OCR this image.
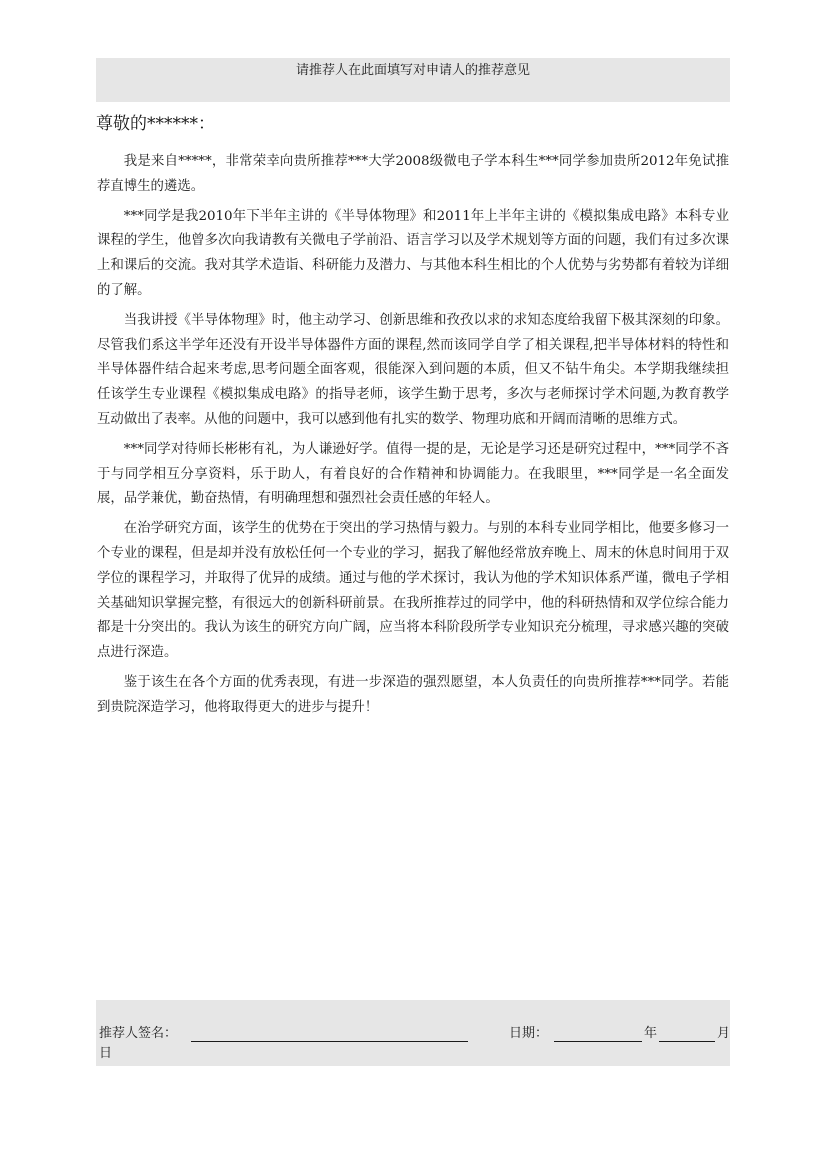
请推荐人在此面填写对申请人的推荐意见
尊敬的******：

我是来自*****，非常荣幸向贵所推荐***大学2008级微电子学本科生***同学参加贵所2012年免试推荐直博生的遴选。

***同学是我2010年下半年主讲的《半导体物理》和2011年上半年主讲的《模拟集成电路》本科专业课程的学生，他曾多次向我请教有关微电子学前沿、语言学习以及学术规划等方面的问题，我们有过多次课上和课后的交流。我对其学术造诣、科研能力及潜力、与其他本科生相比的个人优势与劣势都有着较为详细的了解。

当我讲授《半导体物理》时，他主动学习、创新思维和孜孜以求的求知态度给我留下极其深刻的印象。尽管我们系这半学年还没有开设半导体器件方面的课程,然而该同学自学了相关课程,把半导体材料的特性和半导体器件结合起来考虑,思考问题全面客观，很能深入到问题的本质，但又不钻牛角尖。本学期我继续担任该学生专业课程《模拟集成电路》的指导老师，该学生勤于思考，多次与老师探讨学术问题,为教育教学互动做出了表率。从他的问题中，我可以感到他有扎实的数学、物理功底和开阔而清晰的思维方式。

***同学对待师长彬彬有礼，为人谦逊好学。值得一提的是，无论是学习还是研究过程中，***同学不吝于与同学相互分享资料，乐于助人，有着良好的合作精神和协调能力。在我眼里，***同学是一名全面发展，品学兼优，勤奋热情，有明确理想和强烈社会责任感的年轻人。

在治学研究方面，该学生的优势在于突出的学习热情与毅力。与别的本科专业同学相比，他要多修习一个专业的课程，但是却并没有放松任何一个专业的学习，据我了解他经常放弃晚上、周末的休息时间用于双学位的课程学习，并取得了优异的成绩。通过与他的学术探讨，我认为他的学术知识体系严谨，微电子学相关基础知识掌握完整，有很远大的创新科研前景。在我所推荐过的同学中，他的科研热情和双学位综合能力都是十分突出的。我认为该生的研究方向广阔，应当将本科阶段所学专业知识充分梳理，寻求感兴趣的突破点进行深造。

鉴于该生在各个方面的优秀表现，有进一步深造的强烈愿望，本人负责任的向贵所推荐***同学。若能到贵院深造学习，他将取得更大的进步与提升！

推荐人签名：	日期：	年	月
日
